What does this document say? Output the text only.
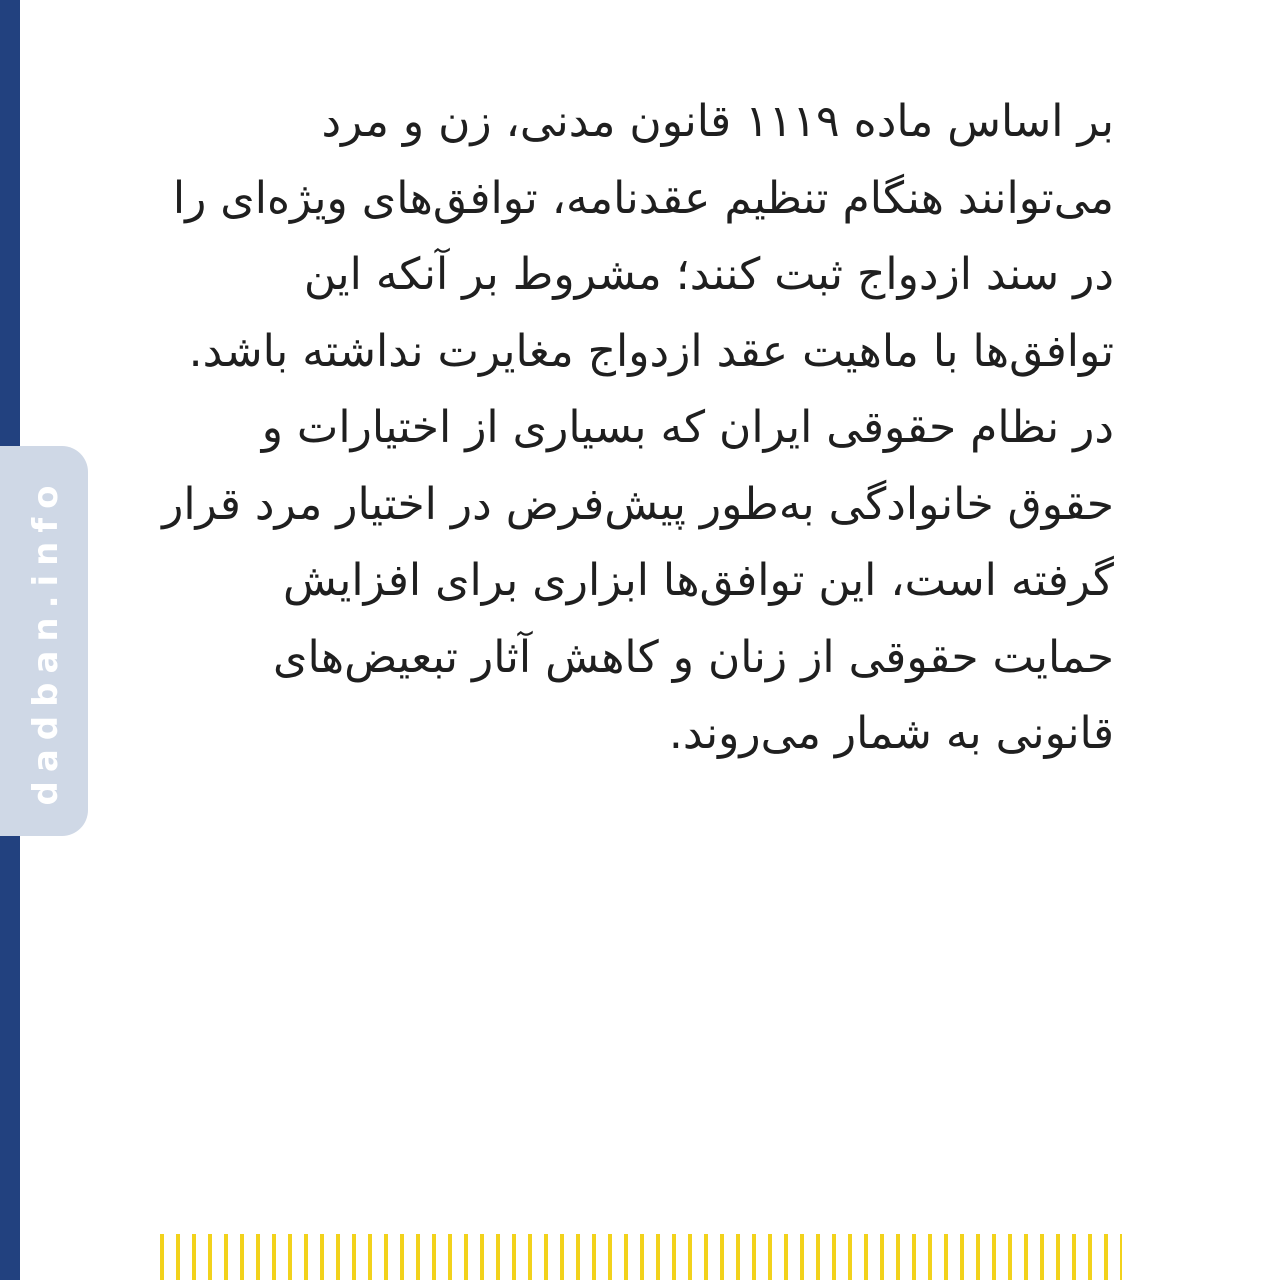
dadban.info
۱
بر اساس ماده ۱۱۱۹ قانون مدنی، زن و مرد می‌توانند هنگام تنظیم عقدنامه، توافق‌های ویژه‌ای را در سند ازدواج ثبت کنند؛ مشروط بر آنکه این توافق‌ها با ماهیت عقد ازدواج مغایرت نداشته باشد. در نظام حقوقی ایران که بسیاری از اختیارات و حقوق خانوادگی به‌طور پیش‌فرض در اختیار مرد قرار گرفته است، این توافق‌ها ابزاری برای افزایش حمایت حقوقی از زنان و کاهش آثار تبعیض‌های قانونی به شمار می‌روند.
